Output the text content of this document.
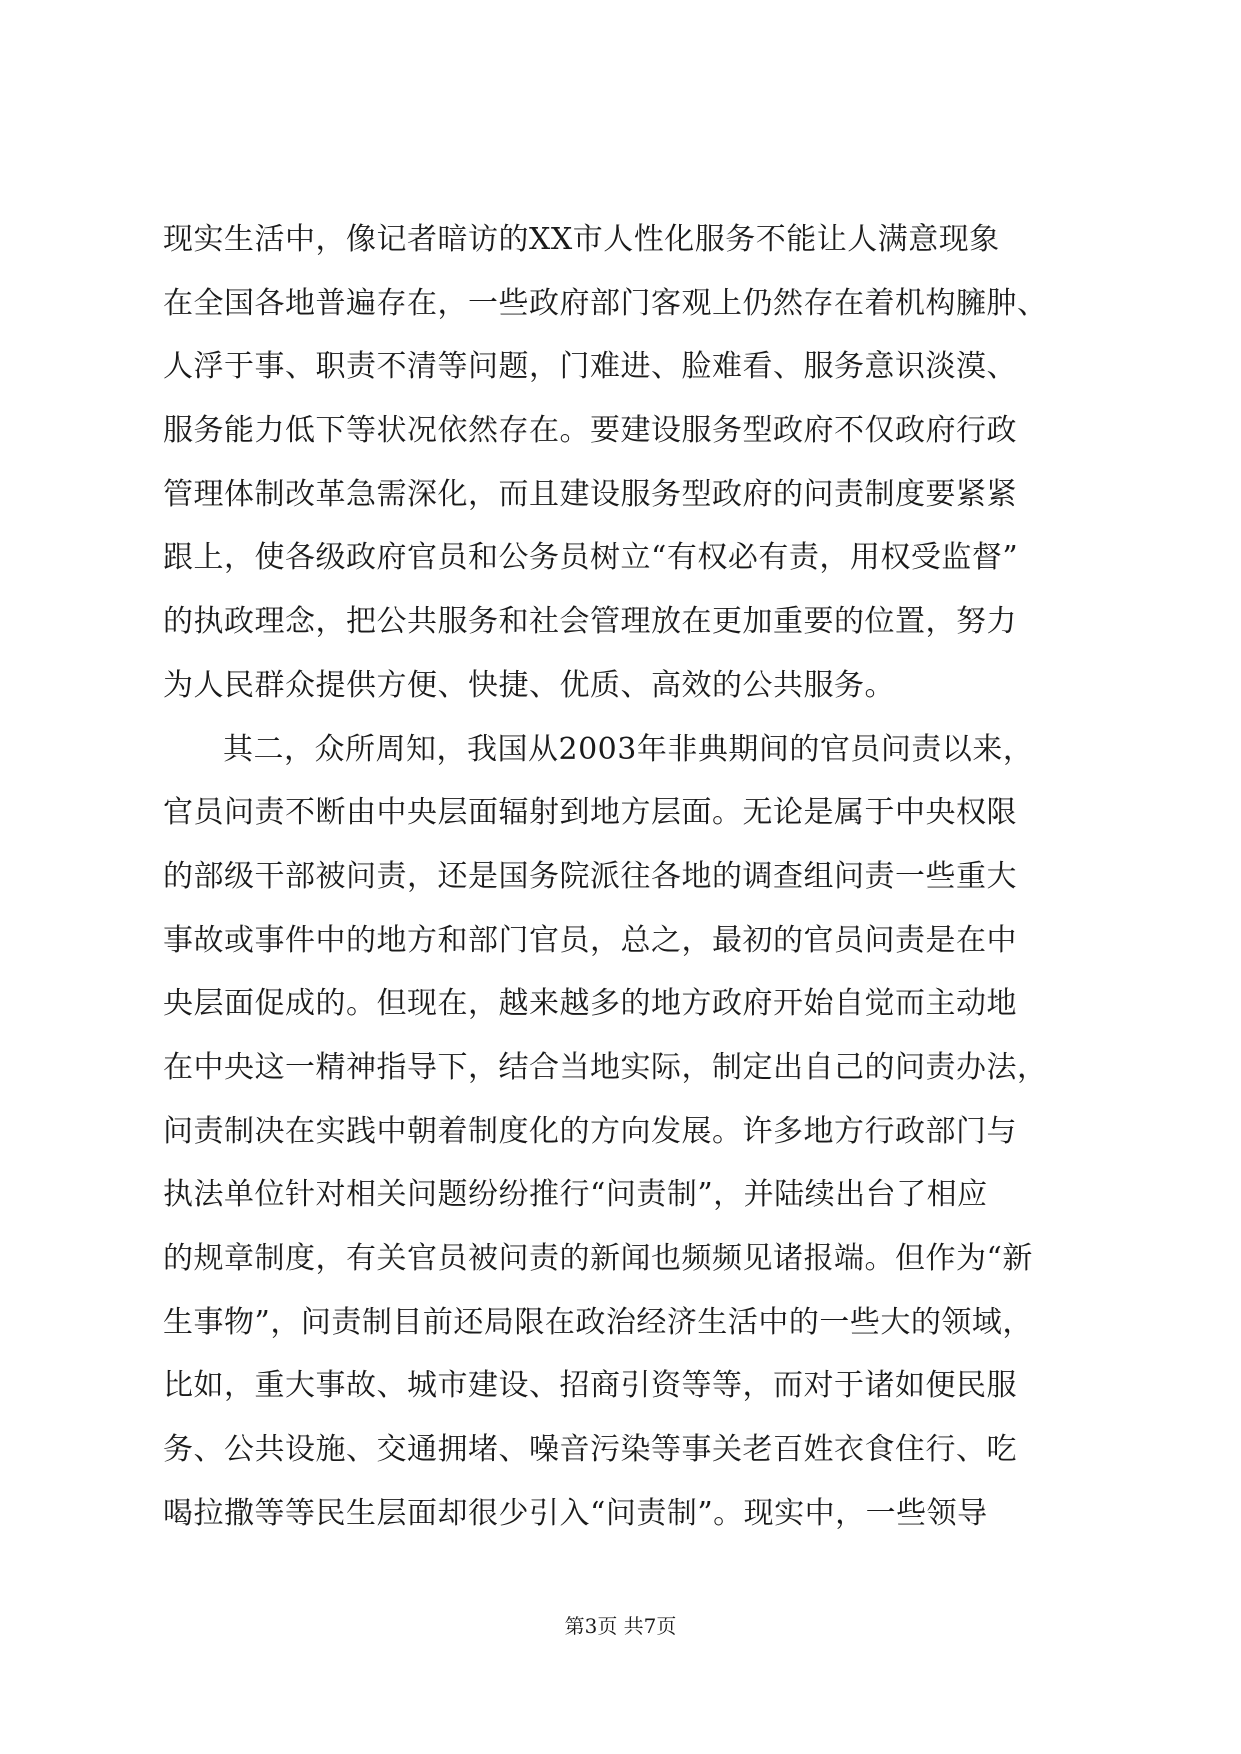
现实生活中，像记者暗访的XX市人性化服务不能让人满意现象
在全国各地普遍存在，一些政府部门客观上仍然存在着机构臃肿、
人浮于事、职责不清等问题，门难进、脸难看、服务意识淡漠、
服务能力低下等状况依然存在。要建设服务型政府不仅政府行政
管理体制改革急需深化，而且建设服务型政府的问责制度要紧紧
跟上，使各级政府官员和公务员树立“有权必有责，用权受监督”
的执政理念，把公共服务和社会管理放在更加重要的位置，努力
为人民群众提供方便、快捷、优质、高效的公共服务。
其二，众所周知，我国从2003年非典期间的官员问责以来，
官员问责不断由中央层面辐射到地方层面。无论是属于中央权限
的部级干部被问责，还是国务院派往各地的调查组问责一些重大
事故或事件中的地方和部门官员，总之，最初的官员问责是在中
央层面促成的。但现在，越来越多的地方政府开始自觉而主动地
在中央这一精神指导下，结合当地实际，制定出自己的问责办法，
问责制决在实践中朝着制度化的方向发展。许多地方行政部门与
执法单位针对相关问题纷纷推行“问责制”，并陆续出台了相应
的规章制度，有关官员被问责的新闻也频频见诸报端。但作为“新
生事物”，问责制目前还局限在政治经济生活中的一些大的领域，
比如，重大事故、城市建设、招商引资等等，而对于诸如便民服
务、公共设施、交通拥堵、噪音污染等事关老百姓衣食住行、吃
喝拉撒等等民生层面却很少引入“问责制”。现实中，一些领导
第3页 共7页
